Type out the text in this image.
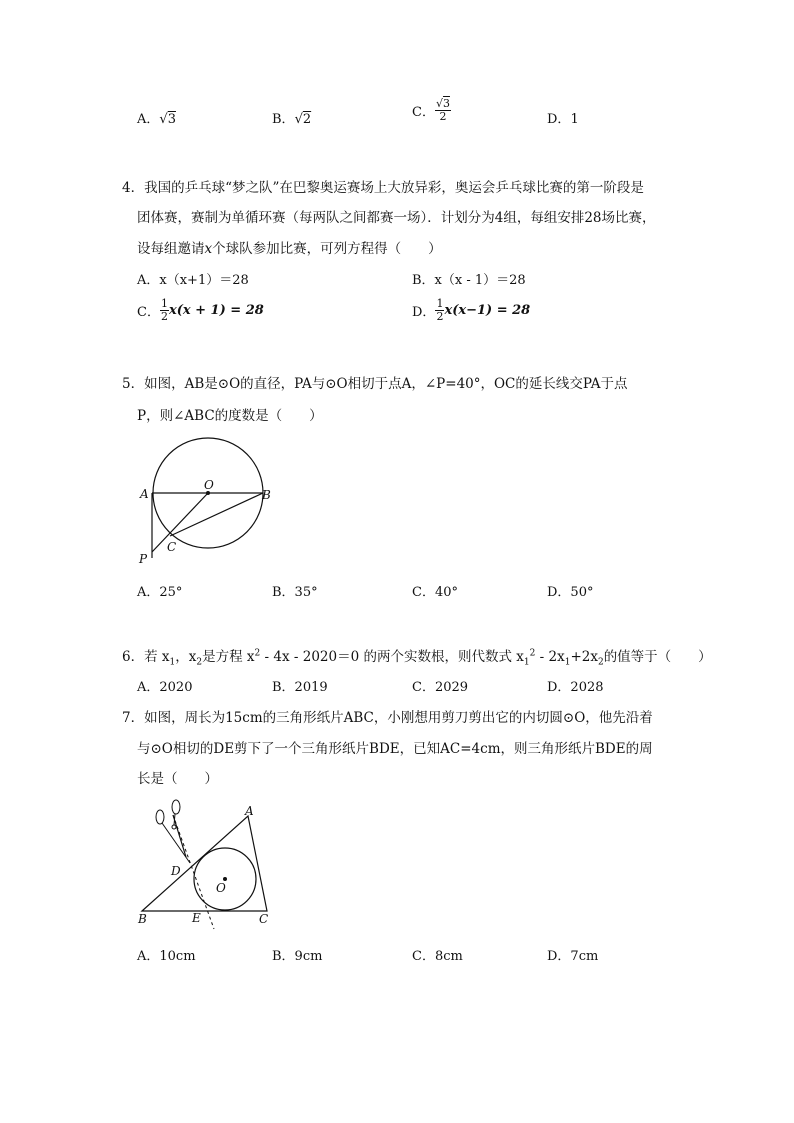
A．√3	B．√2	C． $\frac{√3}{2}$	D．1
4．我国的乒乓球“梦之队”在巴黎奥运赛场上大放异彩，奥运会乒乓球比赛的第一阶段是
团体赛，赛制为单循环赛（每两队之间都赛一场）．计划分为4组，每组安排28场比赛，
设每组邀请x个球队参加比赛，可列方程得（　　）
A．x（x+1）＝28	B．x（x - 1）＝28
C． $\frac{1}{2} x(x + 1) = 28$	D． $\frac{1}{2} x(x-1) = 28$
5．如图，AB是⊙O的直径，PA与⊙O相切于点A，∠P=40°，OC的延长线交PA于点
P，则∠ABC的度数是（　　）
O
A	B
C
P
A．25°	B．35°	C．40°	D．50°
6．若 $x_1$，$x_2$是方程 $x^2 - 4x - 2020=0$ 的两个实数根，则代数式 $x_1^2 - 2x_1+2x_2$的值等于（　　）
A．2020	B．2019	C．2029	D．2028
7．如图，周长为15cm的三角形纸片ABC，小刚想用剪刀剪出它的内切圆⊙O，他先沿着
与⊙O相切的DE剪下了一个三角形纸片BDE，已知AC=4cm，则三角形纸片BDE的周
长是（　　）
A
B	C
D
E
O
A．10cm	B．9cm	C．8cm	D．7cm
